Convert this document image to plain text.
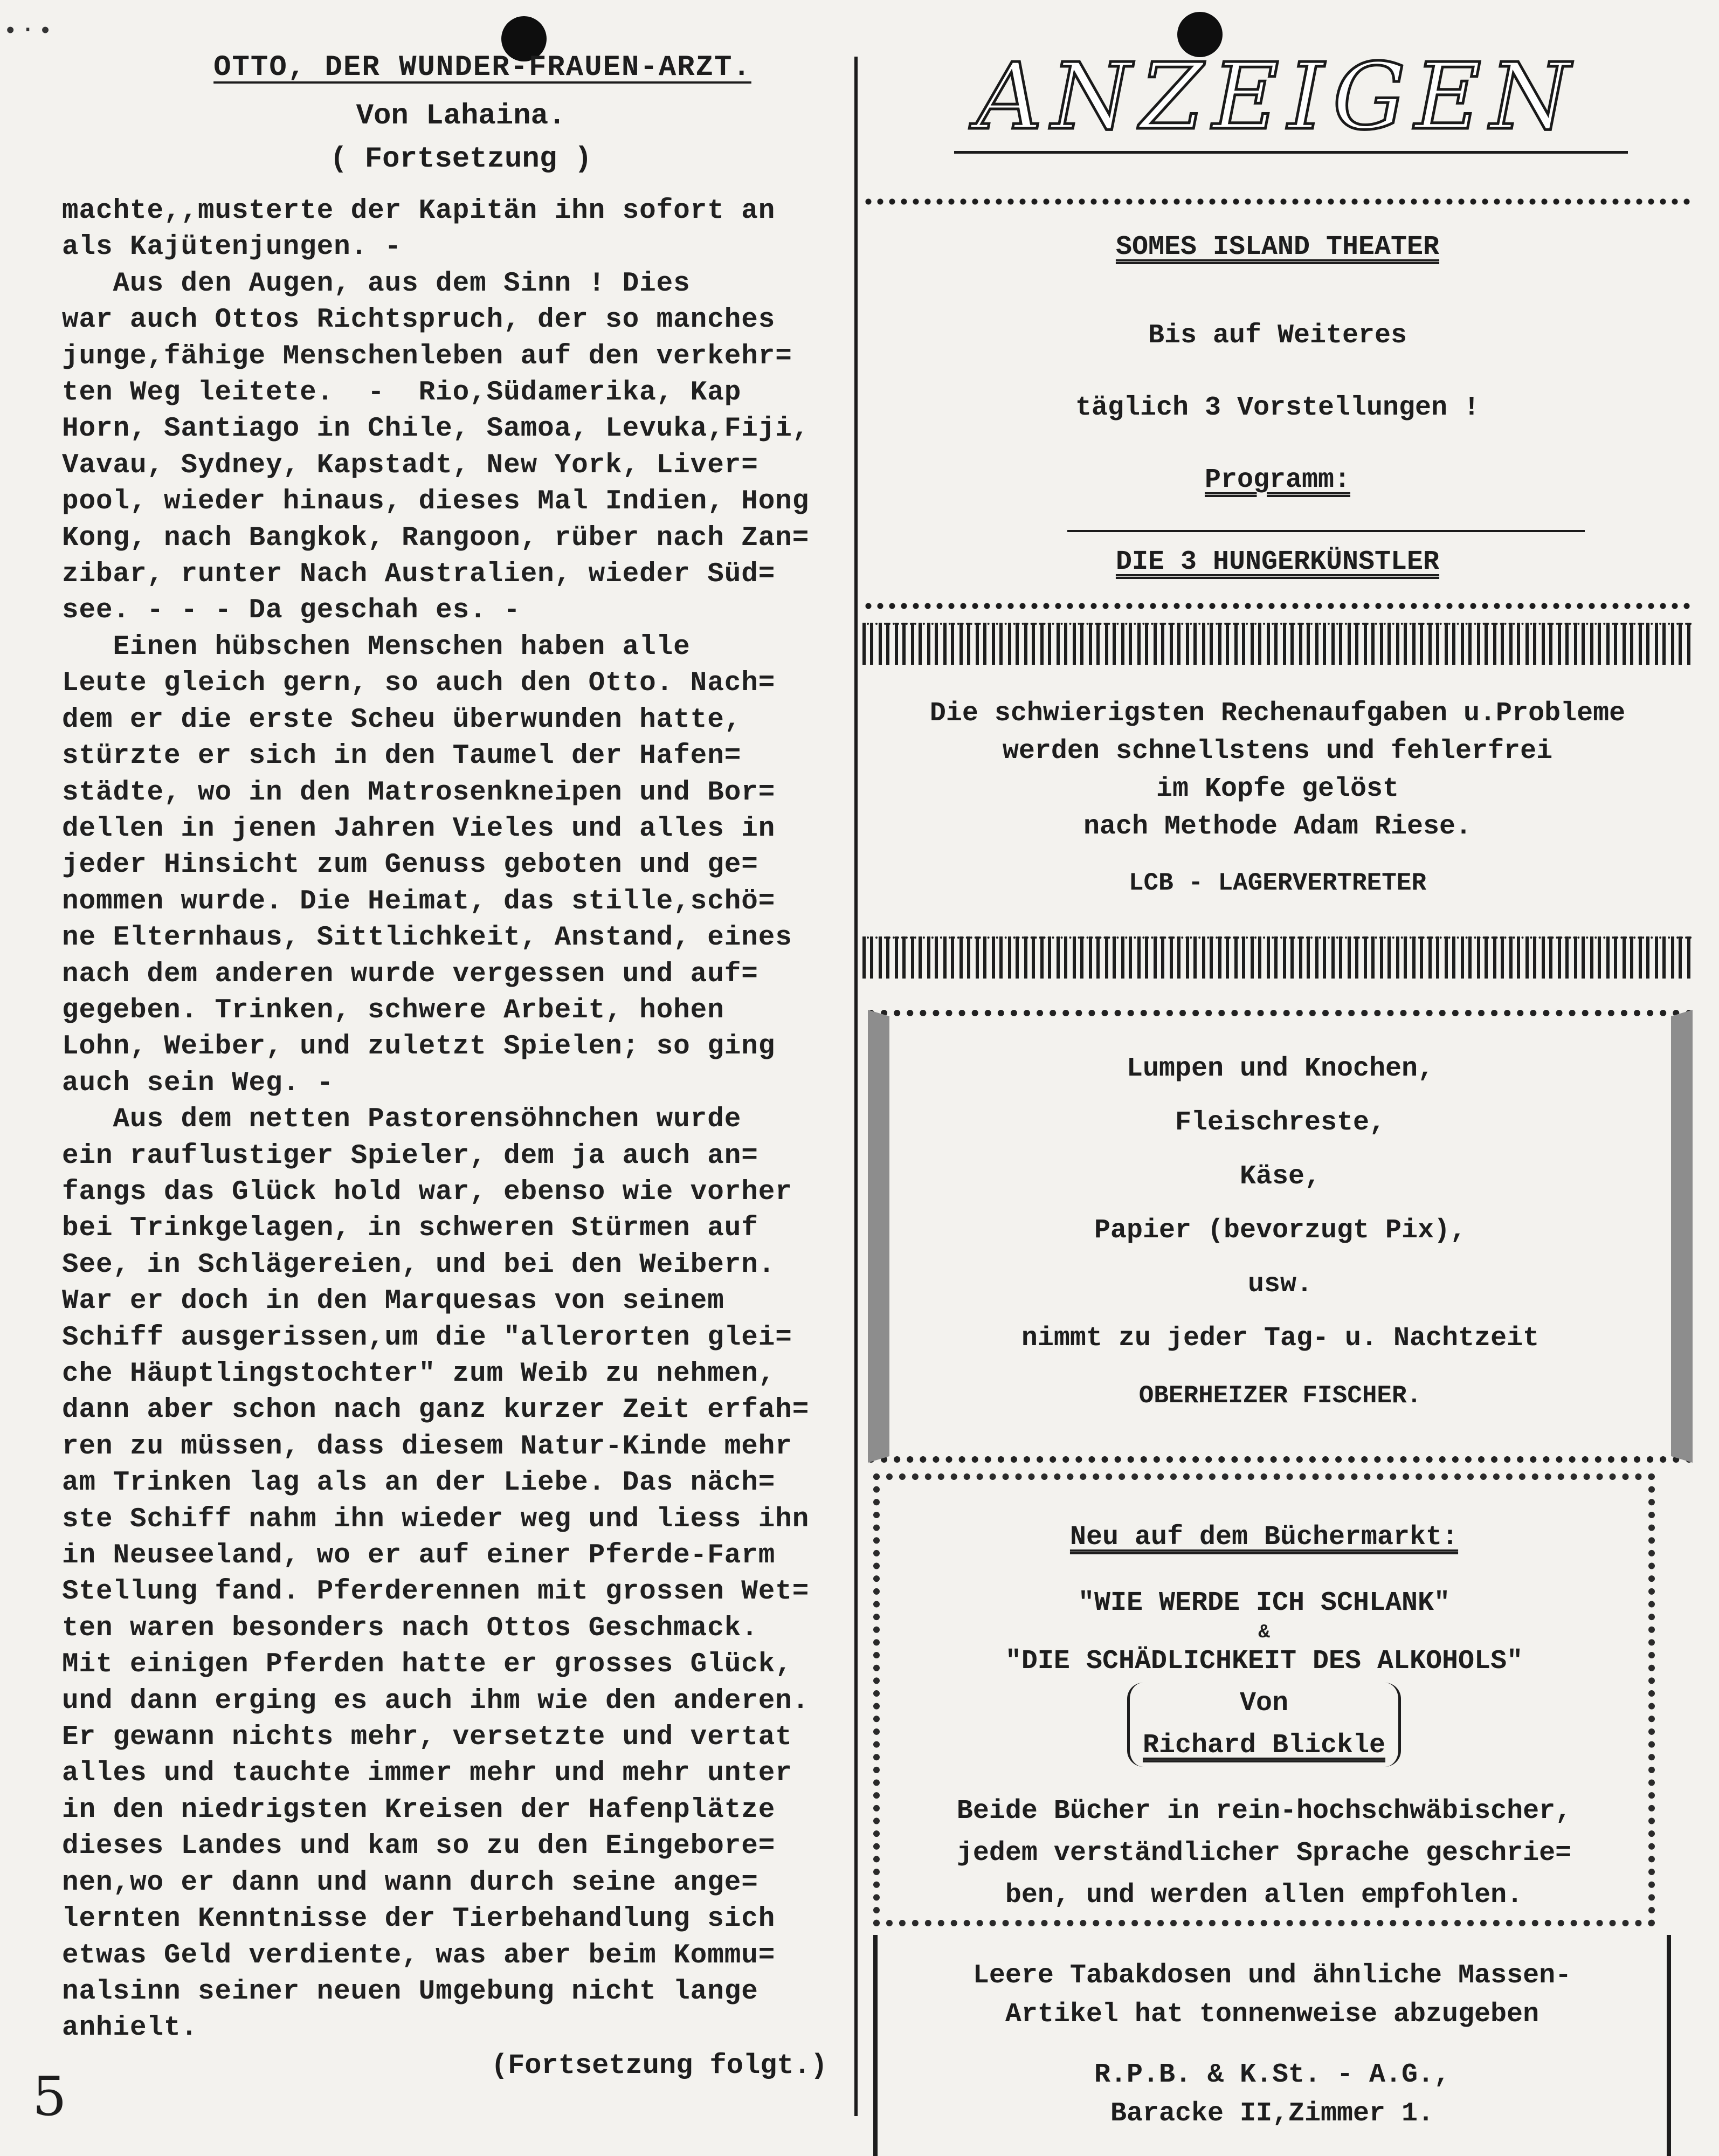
•⋅•
OTTO, DER WUNDER-FRAUEN-ARZT.
Von Lahaina.
( Fortsetzung )
machte,,musterte der Kapitän ihn sofort an
als Kajütenjungen. -
Aus den Augen, aus dem Sinn ! Dies
war auch Ottos Richtspruch, der so manches
junge,fähige Menschenleben auf den verkehr=
ten Weg leitete.  -  Rio,Südamerika, Kap
Horn, Santiago in Chile, Samoa, Levuka,Fiji,
Vavau, Sydney, Kapstadt, New York, Liver=
pool, wieder hinaus, dieses Mal Indien, Hong
Kong, nach Bangkok, Rangoon, rüber nach Zan=
zibar, runter Nach Australien, wieder Süd=
see. - - - Da geschah es. -
Einen hübschen Menschen haben alle
Leute gleich gern, so auch den Otto. Nach=
dem er die erste Scheu überwunden hatte,
stürzte er sich in den Taumel der Hafen=
städte, wo in den Matrosenkneipen und Bor=
dellen in jenen Jahren Vieles und alles in
jeder Hinsicht zum Genuss geboten und ge=
nommen wurde. Die Heimat, das stille,schö=
ne Elternhaus, Sittlichkeit, Anstand, eines
nach dem anderen wurde vergessen und auf=
gegeben. Trinken, schwere Arbeit, hohen
Lohn, Weiber, und zuletzt Spielen; so ging
auch sein Weg. -
Aus dem netten Pastorensöhnchen wurde
ein rauflustiger Spieler, dem ja auch an=
fangs das Glück hold war, ebenso wie vorher
bei Trinkgelagen, in schweren Stürmen auf
See, in Schlägereien, und bei den Weibern.
War er doch in den Marquesas von seinem
Schiff ausgerissen,um die "allerorten glei=
che Häuptlingstochter" zum Weib zu nehmen,
dann aber schon nach ganz kurzer Zeit erfah=
ren zu müssen, dass diesem Natur-Kinde mehr
am Trinken lag als an der Liebe. Das näch=
ste Schiff nahm ihn wieder weg und liess ihn
in Neuseeland, wo er auf einer Pferde-Farm
Stellung fand. Pferderennen mit grossen Wet=
ten waren besonders nach Ottos Geschmack.
Mit einigen Pferden hatte er grosses Glück,
und dann erging es auch ihm wie den anderen.
Er gewann nichts mehr, versetzte und vertat
alles und tauchte immer mehr und mehr unter
in den niedrigsten Kreisen der Hafenplätze
dieses Landes und kam so zu den Eingebore=
nen,wo er dann und wann durch seine ange=
lernten Kenntnisse der Tierbehandlung sich
etwas Geld verdiente, was aber beim Kommu=
nalsinn seiner neuen Umgebung nicht lange
anhielt.
(Fortsetzung folgt.)
5
ANZEIGEN
SOMES ISLAND THEATER
Bis auf Weiteres
täglich 3 Vorstellungen !
Programm:
DIE 3 HUNGERKÜNSTLER
Die schwierigsten Rechenaufgaben u.Probleme
werden schnellstens und fehlerfrei
im Kopfe gelöst
nach Methode Adam Riese.
LCB - LAGERVERTRETER
Lumpen und Knochen,
Fleischreste,
Käse,
Papier (bevorzugt Pix),
usw.
nimmt zu jeder Tag- u. Nachtzeit
OBERHEIZER FISCHER.
Neu auf dem Büchermarkt:
"WIE WERDE ICH SCHLANK"
&
"DIE SCHÄDLICHKEIT DES ALKOHOLS"
Von
Richard Blickle
Beide Bücher in rein-hochschwäbischer,
jedem verständlicher Sprache geschrie=
ben, und werden allen empfohlen.
Leere Tabakdosen und ähnliche Massen-
Artikel hat tonnenweise abzugeben
R.P.B. & K.St. - A.G.,
Baracke II,Zimmer 1.
